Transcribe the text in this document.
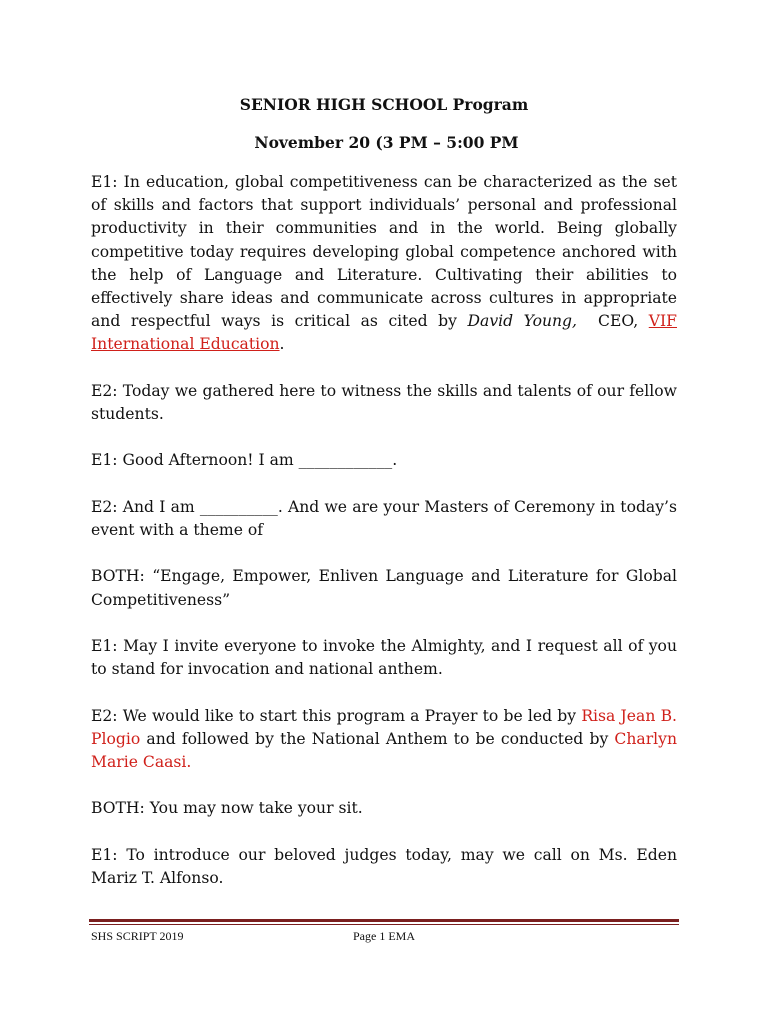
SENIOR HIGH SCHOOL Program
November 20 (3 PM – 5:00 PM

E1: In education, global competitiveness can be characterized as the set of skills and factors that support individuals’ personal and professional productivity in their communities and in the world. Being globally competitive today requires developing global competence anchored with the help of Language and Literature. Cultivating their abilities to effectively share ideas and communicate across cultures in appropriate and respectful ways is critical as cited by David Young,  CEO, VIF International Education.

E2: Today we gathered here to witness the skills and talents of our fellow students.

E1: Good Afternoon! I am ____________.

E2: And I am __________. And we are your Masters of Ceremony in today’s event with a theme of

BOTH: “Engage, Empower, Enliven Language and Literature for Global Competitiveness”

E1: May I invite everyone to invoke the Almighty, and I request all of you to stand for invocation and national anthem.

E2: We would like to start this program a Prayer to be led by Risa Jean B. Plogio and followed by the National Anthem to be conducted by Charlyn Marie Caasi.

BOTH: You may now take your sit.

E1: To introduce our beloved judges today, may we call on Ms. Eden Mariz T. Alfonso.

SHS SCRIPT 2019	Page 1 EMA
